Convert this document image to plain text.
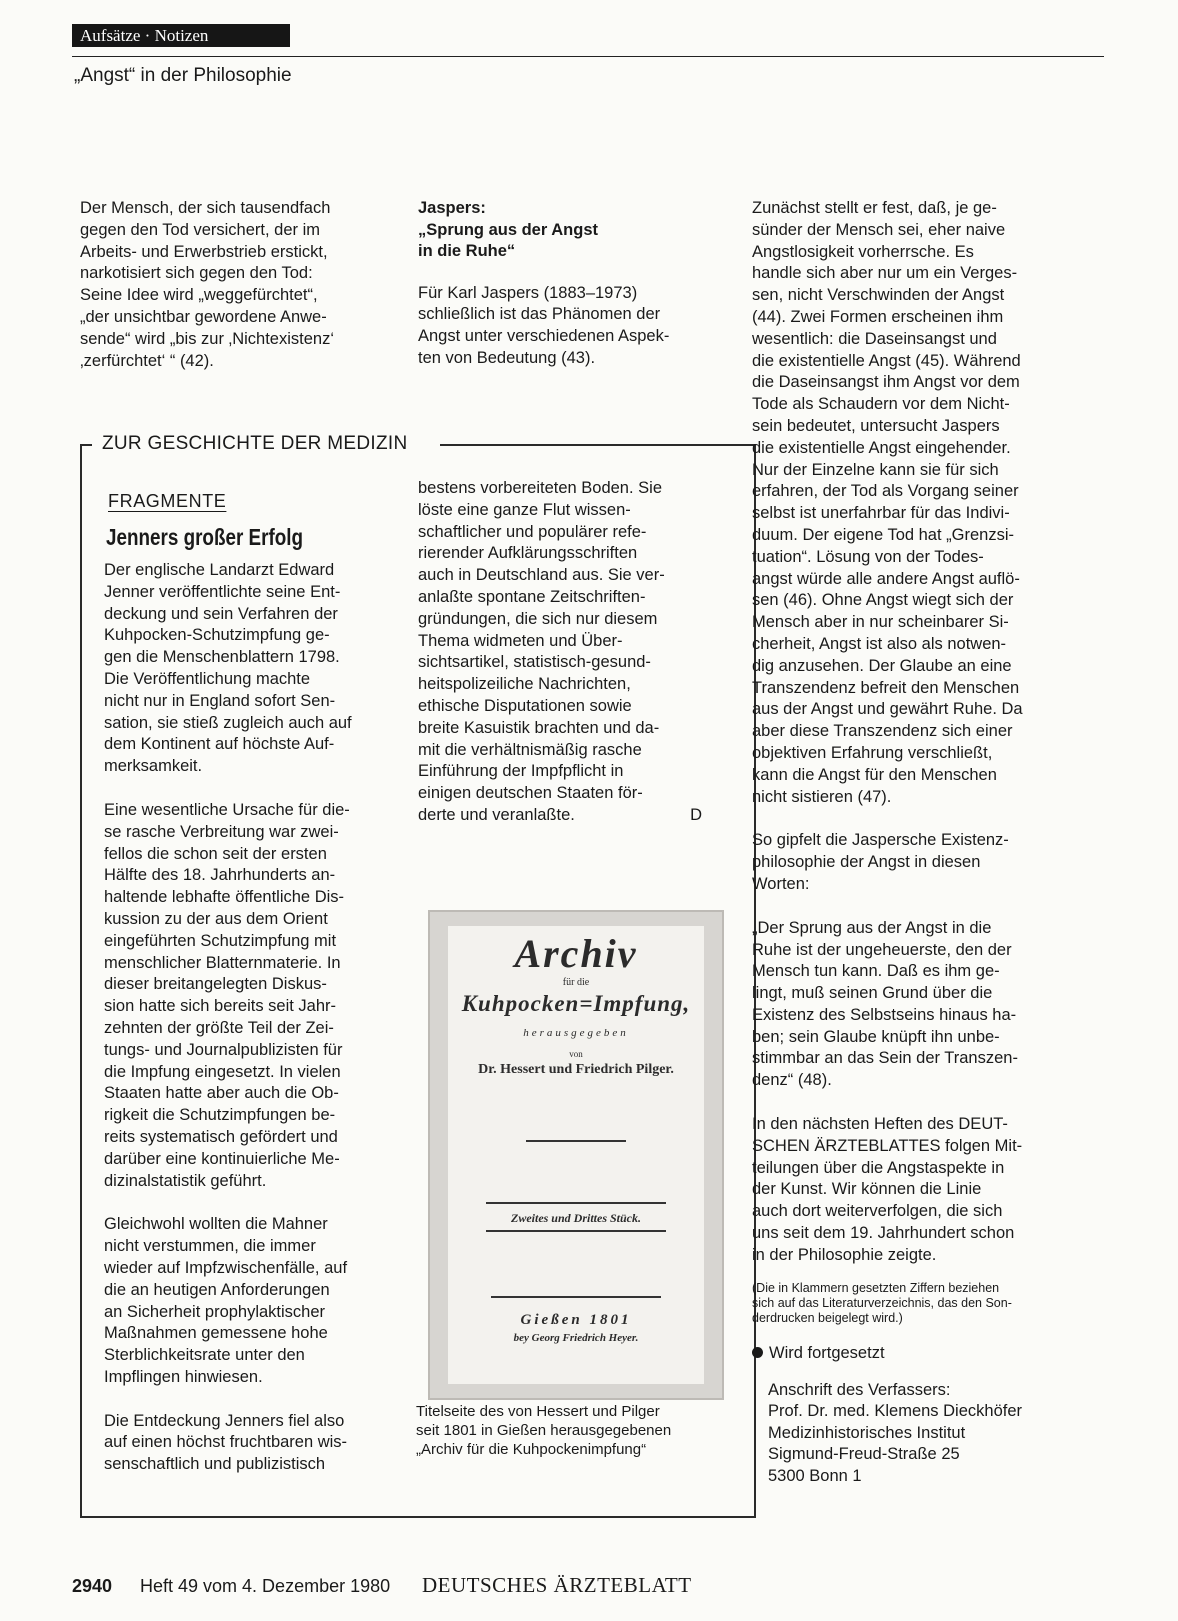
Aufsätze · Notizen
„Angst“ in der Philosophie
Der Mensch, der sich tausendfach
gegen den Tod versichert, der im
Arbeits- und Erwerbstrieb erstickt,
narkotisiert sich gegen den Tod:
Seine Idee wird „weggefürchtet“,
„der unsichtbar gewordene Anwe-
sende“ wird „bis zur ‚Nichtexistenz‘
‚zerfürchtet‘ “ (42).
Jaspers:
„Sprung aus der Angst
in die Ruhe“
Für Karl Jaspers (1883–1973)
schließlich ist das Phänomen der
Angst unter verschiedenen Aspek-
ten von Bedeutung (43).
ZUR GESCHICHTE DER MEDIZIN
FRAGMENTE
Jenners großer Erfolg
Der englische Landarzt Edward
Jenner veröffentlichte seine Ent-
deckung und sein Verfahren der
Kuhpocken-Schutzimpfung ge-
gen die Menschenblattern 1798.
Die Veröffentlichung machte
nicht nur in England sofort Sen-
sation, sie stieß zugleich auch auf
dem Kontinent auf höchste Auf-
merksamkeit.
Eine wesentliche Ursache für die-
se rasche Verbreitung war zwei-
fellos die schon seit der ersten
Hälfte des 18. Jahrhunderts an-
haltende lebhafte öffentliche Dis-
kussion zu der aus dem Orient
eingeführten Schutzimpfung mit
menschlicher Blatternmaterie. In
dieser breitangelegten Diskus-
sion hatte sich bereits seit Jahr-
zehnten der größte Teil der Zei-
tungs- und Journalpublizisten für
die Impfung eingesetzt. In vielen
Staaten hatte aber auch die Ob-
rigkeit die Schutzimpfungen be-
reits systematisch gefördert und
darüber eine kontinuierliche Me-
dizinalstatistik geführt.
Gleichwohl wollten die Mahner
nicht verstummen, die immer
wieder auf Impfzwischenfälle, auf
die an heutigen Anforderungen
an Sicherheit prophylaktischer
Maßnahmen gemessene hohe
Sterblichkeitsrate unter den
Impflingen hinwiesen.
Die Entdeckung Jenners fiel also
auf einen höchst fruchtbaren wis-
senschaftlich und publizistisch
bestens vorbereiteten Boden. Sie
löste eine ganze Flut wissen-
schaftlicher und populärer refe-
rierender Aufklärungsschriften
auch in Deutschland aus. Sie ver-
anlaßte spontane Zeitschriften-
gründungen, die sich nur diesem
Thema widmeten und Über-
sichtsartikel, statistisch-gesund-
heitspolizeiliche Nachrichten,
ethische Disputationen sowie
breite Kasuistik brachten und da-
mit die verhältnismäßig rasche
Einführung der Impfpflicht in
einigen deutschen Staaten för-
derte und veranlaßte.	D
Archiv
für die
Kuhpocken=Impfung,
herausgegeben
von
Dr. Hessert und Friedrich Pilger.
Zweites und Drittes Stück.
Gießen 1801
bey Georg Friedrich Heyer.
Titelseite des von Hessert und Pilger
seit 1801 in Gießen herausgegebenen
„Archiv für die Kuhpockenimpfung“
Zunächst stellt er fest, daß, je ge-
sünder der Mensch sei, eher naive
Angstlosigkeit vorherrsche. Es
handle sich aber nur um ein Verges-
sen, nicht Verschwinden der Angst
(44). Zwei Formen erscheinen ihm
wesentlich: die Daseinsangst und
die existentielle Angst (45). Während
die Daseinsangst ihm Angst vor dem
Tode als Schaudern vor dem Nicht-
sein bedeutet, untersucht Jaspers
die existentielle Angst eingehender.
Nur der Einzelne kann sie für sich
erfahren, der Tod als Vorgang seiner
selbst ist unerfahrbar für das Indivi-
duum. Der eigene Tod hat „Grenzsi-
tuation“. Lösung von der Todes-
angst würde alle andere Angst auflö-
sen (46). Ohne Angst wiegt sich der
Mensch aber in nur scheinbarer Si-
cherheit, Angst ist also als notwen-
dig anzusehen. Der Glaube an eine
Transzendenz befreit den Menschen
aus der Angst und gewährt Ruhe. Da
aber diese Transzendenz sich einer
objektiven Erfahrung verschließt,
kann die Angst für den Menschen
nicht sistieren (47).
So gipfelt die Jaspersche Existenz-
philosophie der Angst in diesen
Worten:
„Der Sprung aus der Angst in die
Ruhe ist der ungeheuerste, den der
Mensch tun kann. Daß es ihm ge-
lingt, muß seinen Grund über die
Existenz des Selbstseins hinaus ha-
ben; sein Glaube knüpft ihn unbe-
stimmbar an das Sein der Transzen-
denz“ (48).
In den nächsten Heften des DEUT-
SCHEN ÄRZTEBLATTES folgen Mit-
teilungen über die Angstaspekte in
der Kunst. Wir können die Linie
auch dort weiterverfolgen, die sich
uns seit dem 19. Jahrhundert schon
in der Philosophie zeigte.
(Die in Klammern gesetzten Ziffern beziehen
sich auf das Literaturverzeichnis, das den Son-
derdrucken beigelegt wird.)
Wird fortgesetzt
Anschrift des Verfassers:
Prof. Dr. med. Klemens Dieckhöfer
Medizinhistorisches Institut
Sigmund-Freud-Straße 25
5300 Bonn 1
2940 Heft 49 vom 4. Dezember 1980 DEUTSCHES ÄRZTEBLATT
